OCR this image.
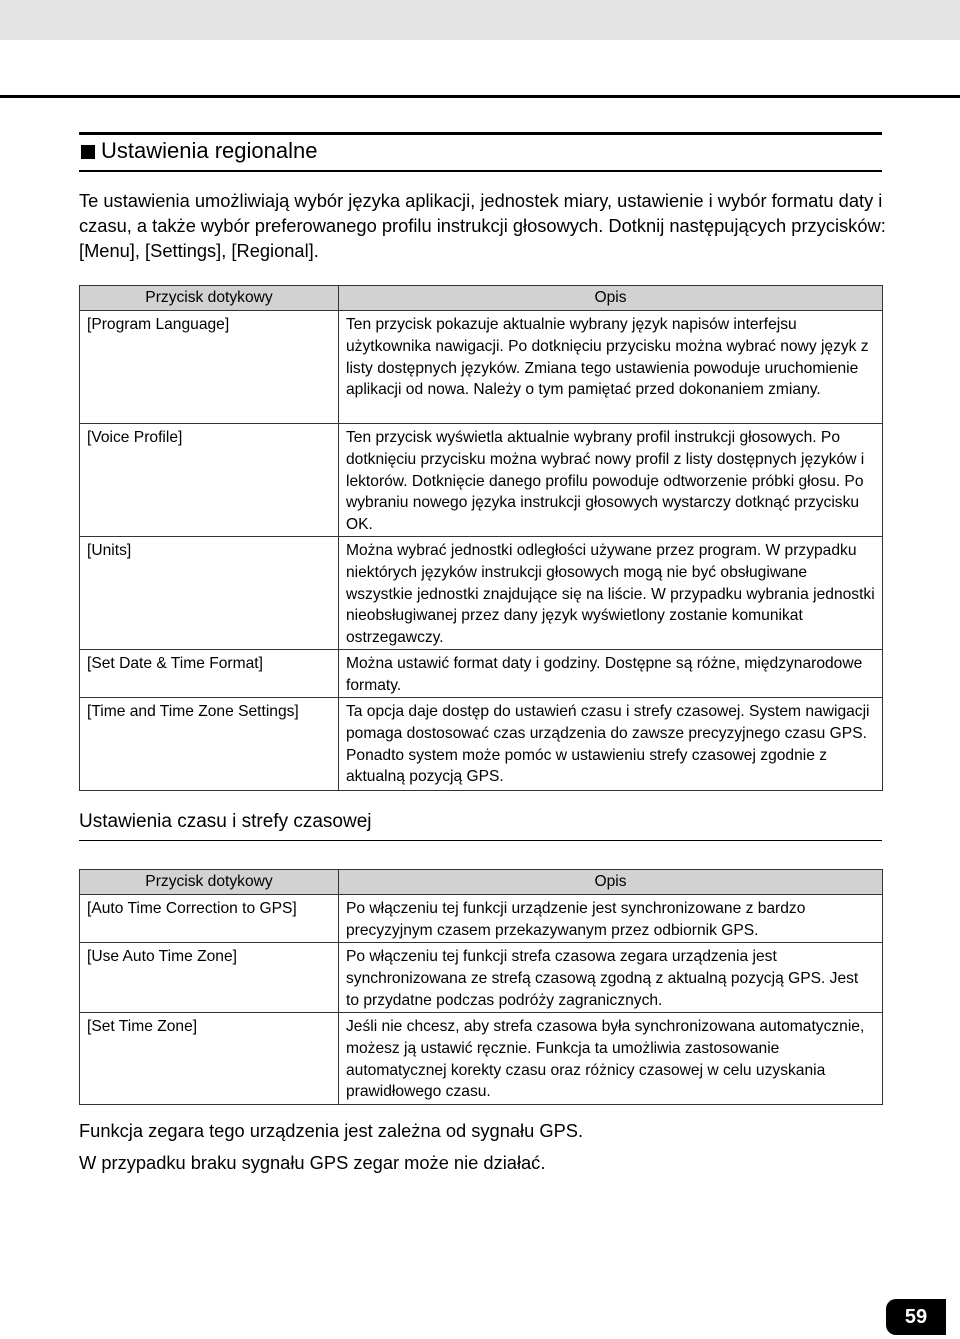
Ustawienia regionalne
Te ustawienia umożliwiają wybór języka aplikacji, jednostek miary, ustawienie i wybór formatu daty i czasu, a także wybór preferowanego profilu instrukcji głosowych. Dotknij następujących przycisków: [Menu], [Settings], [Regional].
Przycisk dotykowy	Opis
[Program Language]	Ten przycisk pokazuje aktualnie wybrany język napisów interfejsu użytkownika nawigacji. Po dotknięciu przycisku można wybrać nowy język z listy dostępnych języków. Zmiana tego ustawienia powoduje uruchomienie aplikacji od nowa. Należy o tym pamiętać przed dokonaniem zmiany.
[Voice Profile]	Ten przycisk wyświetla aktualnie wybrany profil instrukcji głosowych. Po dotknięciu przycisku można wybrać nowy profil z listy dostępnych języków i lektorów. Dotknięcie danego profilu powoduje odtworzenie próbki głosu. Po wybraniu nowego języka instrukcji głosowych wystarczy dotknąć przycisku OK.
[Units]	Można wybrać jednostki odległości używane przez program. W przypadku niektórych języków instrukcji głosowych mogą nie być obsługiwane wszystkie jednostki znajdujące się na liście. W przypadku wybrania jednostki nieobsługiwanej przez dany język wyświetlony zostanie komunikat ostrzegawczy.
[Set Date & Time Format]	Można ustawić format daty i godziny. Dostępne są różne, międzynarodowe formaty.
[Time and Time Zone Settings]	Ta opcja daje dostęp do ustawień czasu i strefy czasowej. System nawigacji pomaga dostosować czas urządzenia do zawsze precyzyjnego czasu GPS. Ponadto system może pomóc w ustawieniu strefy czasowej zgodnie z aktualną pozycją GPS.
Ustawienia czasu i strefy czasowej
Przycisk dotykowy	Opis
[Auto Time Correction to GPS]	Po włączeniu tej funkcji urządzenie jest synchronizowane z bardzo precyzyjnym czasem przekazywanym przez odbiornik GPS.
[Use Auto Time Zone]	Po włączeniu tej funkcji strefa czasowa zegara urządzenia jest synchronizowana ze strefą czasową zgodną z aktualną pozycją GPS. Jest to przydatne podczas podróży zagranicznych.
[Set Time Zone]	Jeśli nie chcesz, aby strefa czasowa była synchronizowana automatycznie, możesz ją ustawić ręcznie. Funkcja ta umożliwia zastosowanie automatycznej korekty czasu oraz różnicy czasowej w celu uzyskania prawidłowego czasu.
Funkcja zegara tego urządzenia jest zależna od sygnału GPS.
W przypadku braku sygnału GPS zegar może nie działać.
59
